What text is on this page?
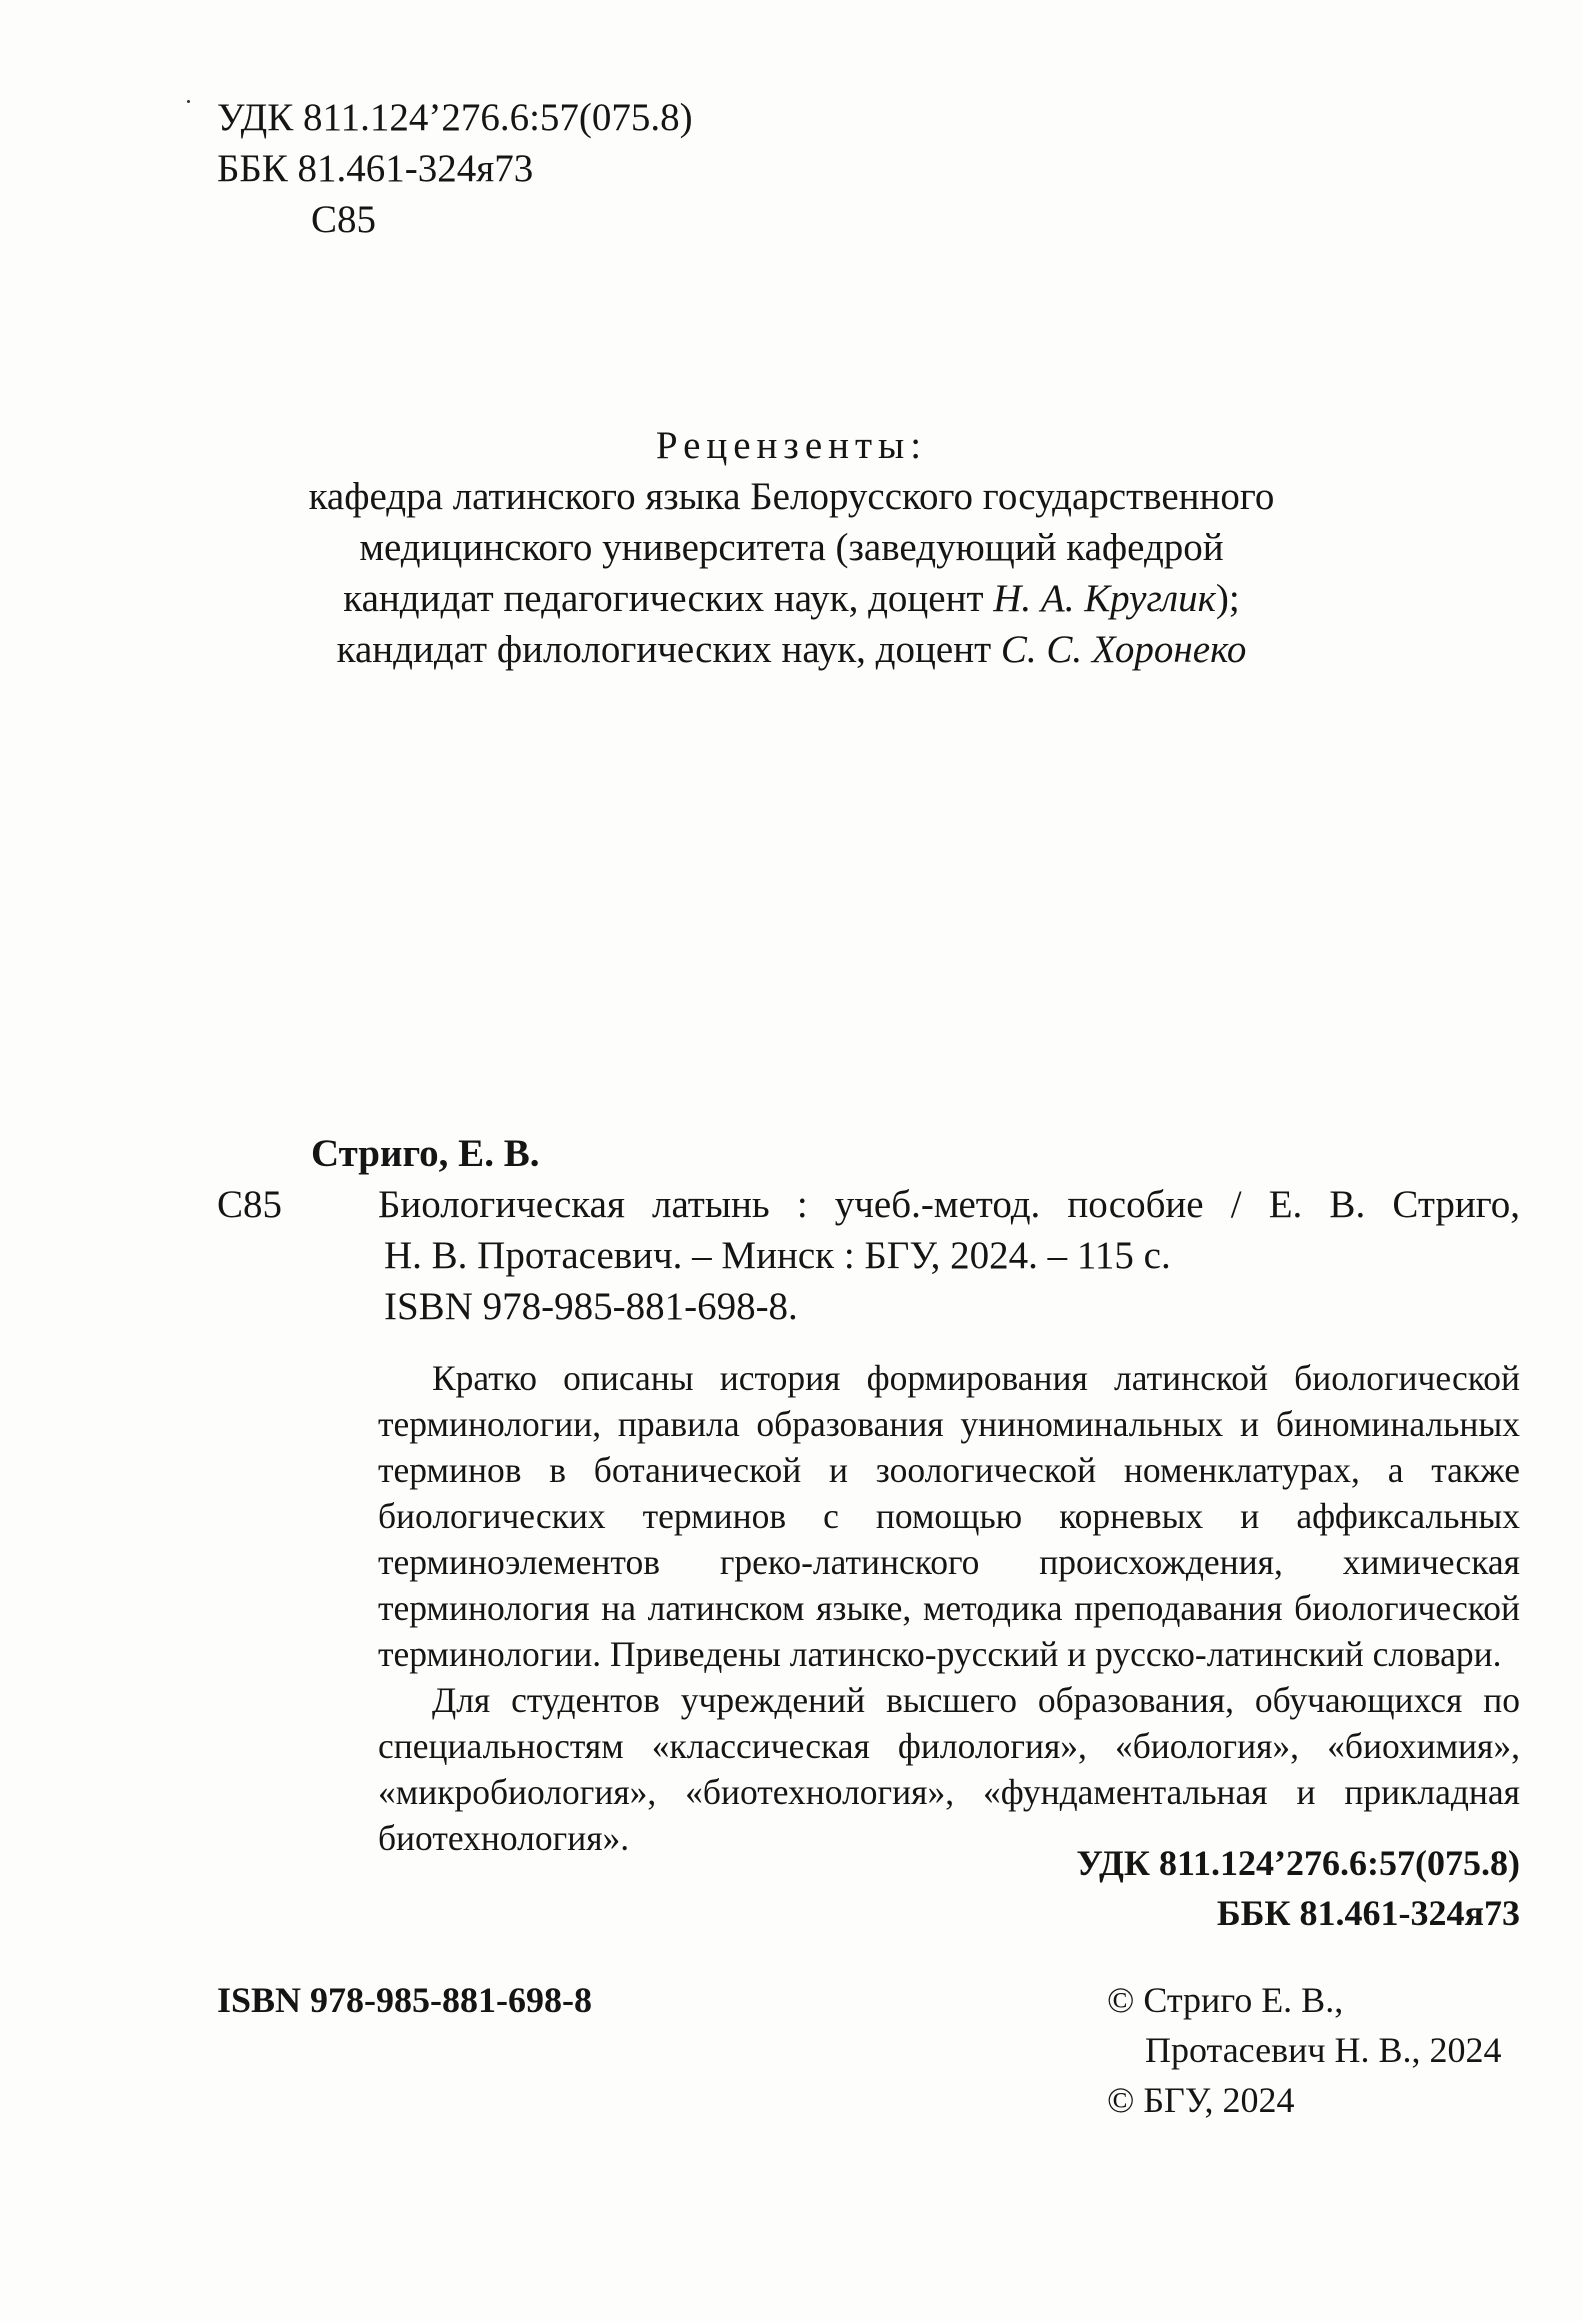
УДК 811.124’276.6:57(075.8)
ББК 81.461-324я73
С85
Рецензенты:
кафедра латинского языка Белорусского государственного
медицинского университета (заведующий кафедрой
кандидат педагогических наук, доцент Н. А. Круглик);
кандидат филологических наук, доцент С. С. Хоронеко
Стриго, Е. В.
С85 Биологическая латынь : учеб.-метод. пособие / Е. В. Стриго,
Н. В. Протасевич. – Минск : БГУ, 2024. – 115 с.
ISBN 978-985-881-698-8.

Кратко описаны история формирования латинской биологической терминологии, правила образования униноминальных и биноминальных терминов в ботанической и зоологической номенклатурах, а также биологических терминов с помощью корневых и аффиксальных терминоэлементов греко-латинского происхождения, химическая терминология на латинском языке, методика преподавания биологической терминологии. Приведены латинско-русский и русско-латинский словари.

Для студентов учреждений высшего образования, обучающихся по специальностям «классическая филология», «биология», «биохимия», «микробиология», «биотехнология», «фундаментальная и прикладная биотехнология».

УДК 811.124’276.6:57(075.8)
ББК 81.461-324я73
ISBN 978-985-881-698-8	© Стриго Е. В.,
Протасевич Н. В., 2024
© БГУ, 2024
